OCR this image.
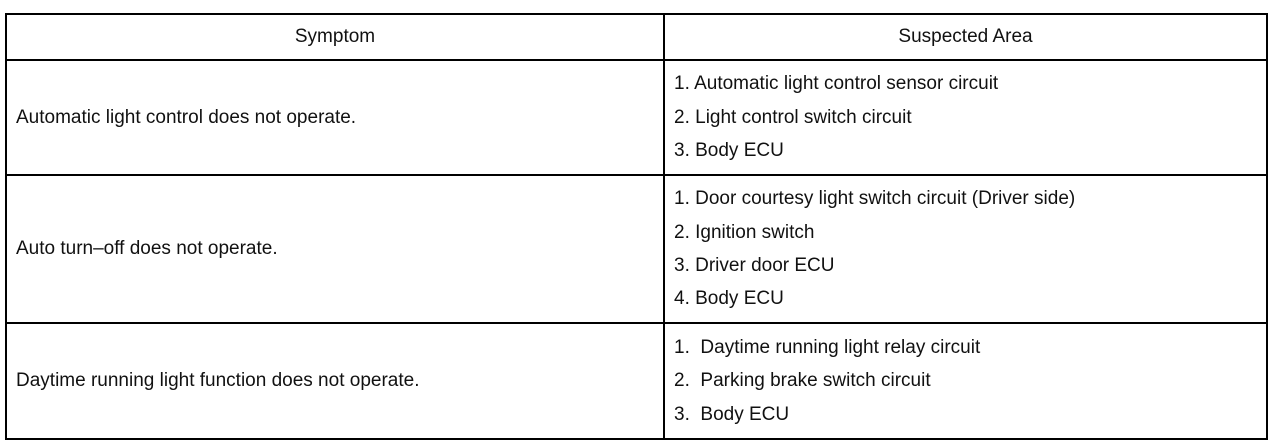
Symptom	Suspected Area
Automatic light control does not operate.	1. Automatic light control sensor circuit
2. Light control switch circuit
3. Body ECU

Auto turn–off does not operate.	1. Door courtesy light switch circuit (Driver side)
2. Ignition switch
3. Driver door ECU
4. Body ECU

Daytime running light function does not operate.	1.  Daytime running light relay circuit
2.  Parking brake switch circuit
3.  Body ECU
